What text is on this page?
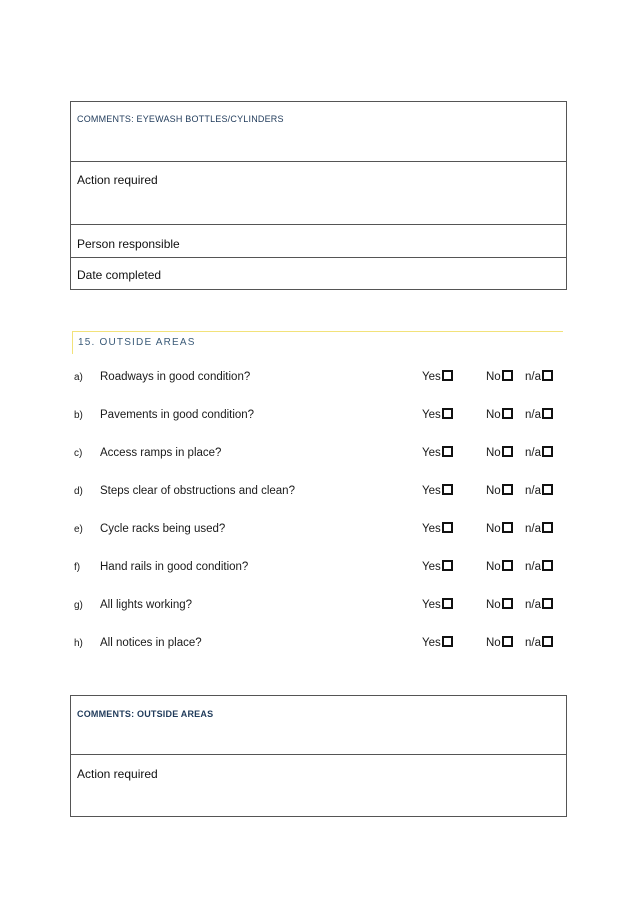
COMMENTS: EYEWASH BOTTLES/CYLINDERS
Action required
Person responsible
Date completed
15. OUTSIDE AREAS
a) Roadways in good condition?	Yes	No n/a
b) Pavements in good condition?	Yes	No n/a
c) Access ramps in place?	Yes	No n/a
d) Steps clear of obstructions and clean?	Yes	No n/a
e) Cycle racks being used?	Yes	No n/a
f) Hand rails in good condition?	Yes	No n/a
g) All lights working?	Yes	No n/a
h) All notices in place?	Yes	No n/a
COMMENTS: OUTSIDE AREAS
Action required
